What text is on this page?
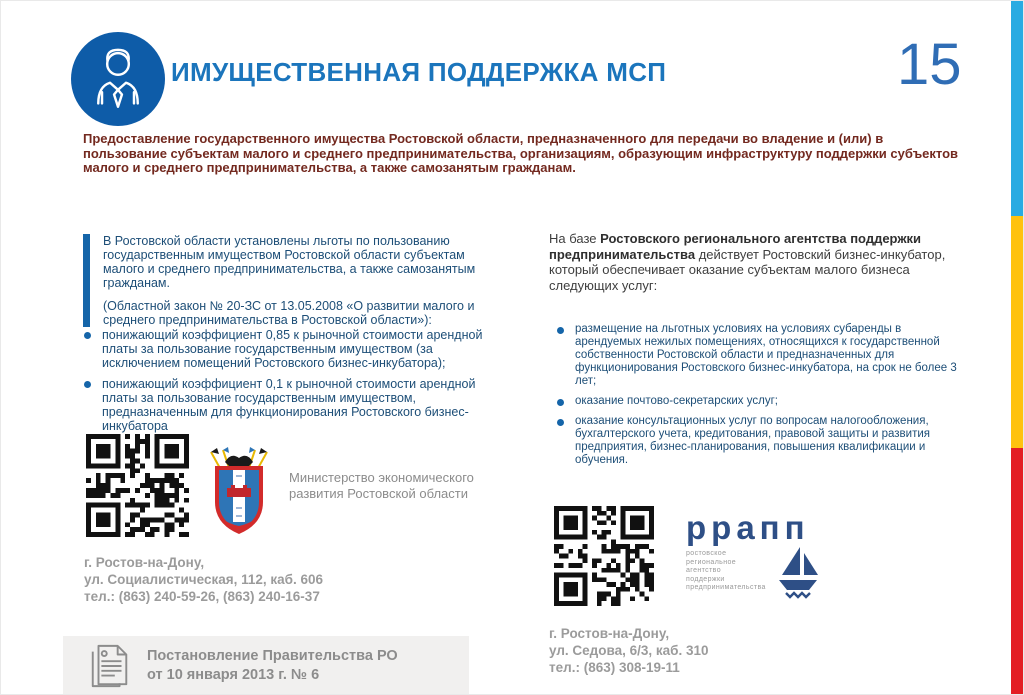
ИМУЩЕСТВЕННАЯ ПОДДЕРЖКА МСП	15
Предоставление государственного имущества Ростовской области, предназначенного для передачи во владение и (или) в пользование субъектам малого и среднего предпринимательства, организациям, образующим инфраструктуру поддержки субъектов малого и среднего предпринимательства, а также самозанятым гражданам.

В Ростовской области установлены льготы по пользованию государственным имуществом Ростовской области субъектам малого и среднего предпринимательства, а также самозанятым гражданам.

(Областной закон № 20-ЗС от 13.05.2008 «О развитии малого и среднего предпринимательства в Ростовской области»):

понижающий коэффициент 0,85 к рыночной стоимости арендной платы за пользование государственным имуществом (за исключением помещений Ростовского бизнес-инкубатора);
понижающий коэффициент 0,1 к рыночной стоимости арендной платы за пользование государственным имуществом, предназначенным для функционирования Ростовского бизнес-инкубатора
Министерство экономического развития Ростовской области
г. Ростов-на-Дону,
ул. Социалистическая, 112, каб. 606
тел.: (863) 240-59-26, (863) 240-16-37
Постановление Правительства РО
от 10 января 2013 г. № 6
На базе Ростовского регионального агентства поддержки предпринимательства действует Ростовский бизнес-инкубатор, который обеспечивает оказание субъектам малого бизнеса следующих услуг:
размещение на льготных условиях на условиях субаренды в арендуемых нежилых помещениях, относящихся к государственной собственности Ростовской области и предназначенных для функционирования Ростовского бизнес-инкубатора, на срок не более 3 лет;
оказание почтово-секретарских услуг;
оказание консультационных услуг по вопросам налогообложения, бухгалтерского учета, кредитования, правовой защиты и развития предприятия, бизнес-планирования, повышения квалификации и обучения.
ррапп
ростовское
региональное
агентство
поддержки
предпринимательства
г. Ростов-на-Дону,
ул. Седова, 6/3, каб. 310
тел.: (863) 308-19-11
